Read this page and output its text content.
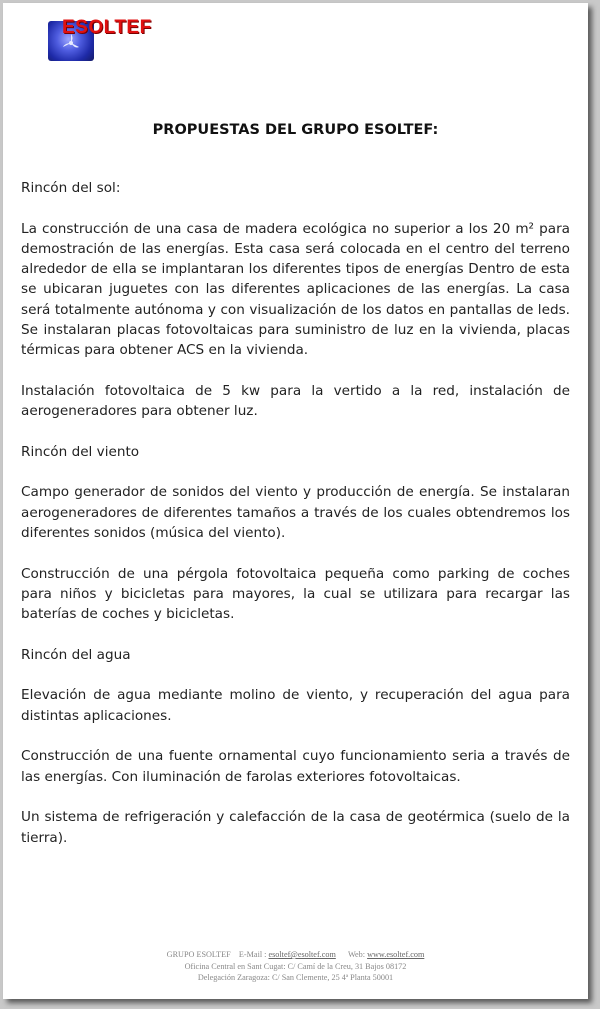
ESOLTEF
PROPUESTAS DEL GRUPO ESOLTEF:

Rincón del sol:

La construcción de una casa de madera ecológica no superior a los 20 m² para demostración de las energías. Esta casa será colocada en el centro del terreno alrededor de ella se implantaran los diferentes tipos de energías Dentro de esta se ubicaran juguetes con las diferentes aplicaciones de las energías. La casa será totalmente autónoma y con visualización de los datos en pantallas de leds. Se instalaran placas fotovoltaicas para suministro de luz en la vivienda, placas térmicas para obtener ACS en la vivienda.

Instalación fotovoltaica de 5 kw para la vertido a la red, instalación de aerogeneradores para obtener luz.

Rincón del viento

Campo generador de sonidos del viento y producción de energía. Se instalaran aerogeneradores de diferentes tamaños a través de los cuales obtendremos los diferentes sonidos (música del viento).

Construcción de una pérgola fotovoltaica pequeña como parking de coches para niños y bicicletas para mayores, la cual se utilizara para recargar las baterías de coches y bicicletas.

Rincón del agua

Elevación de agua mediante molino de viento, y recuperación del agua para distintas aplicaciones.

Construcción de una fuente ornamental cuyo funcionamiento seria a través de las energías. Con iluminación de farolas exteriores fotovoltaicas.

Un sistema de refrigeración y calefacción de la casa de geotérmica (suelo de la tierra).

GRUPO ESOLTEF E-Mail : esoltef@esoltef.com Web: www.esoltef.com
Oficina Central en Sant Cugat: C/ Camí de la Creu, 31 Bajos 08172
Delegación Zaragoza: C/ San Clemente, 25 4ª Planta 50001
